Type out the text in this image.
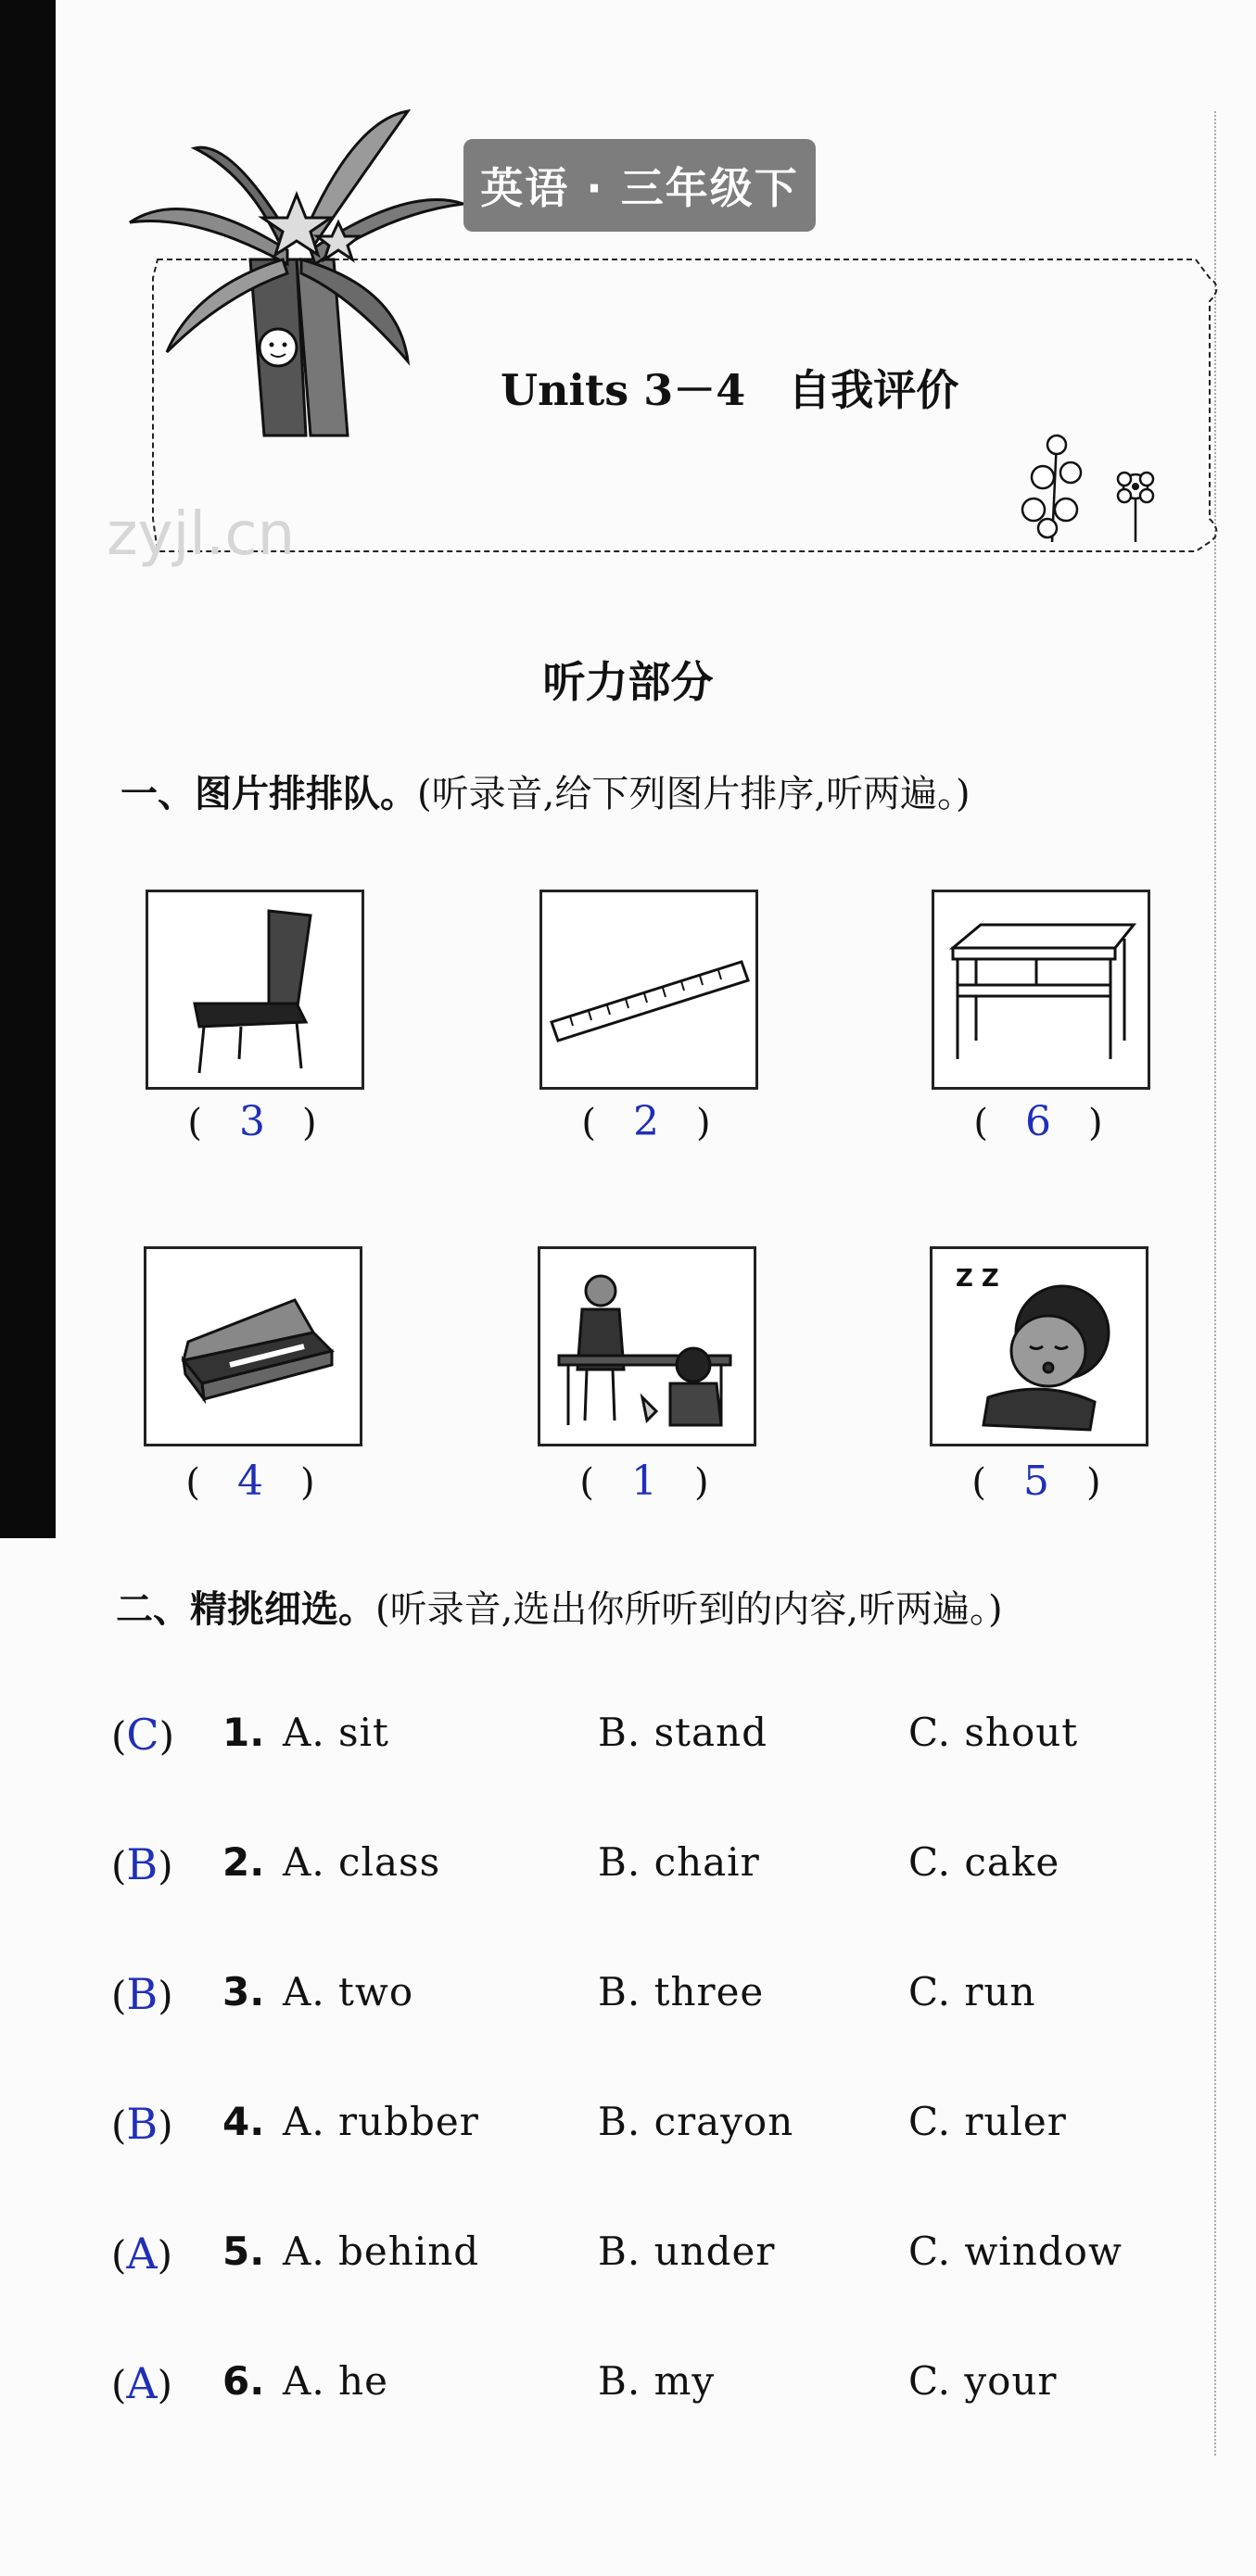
英语 · 三年级下
Units 3－4　自我评价
zyjl.cn
听力部分
一、图片排排队。(听录音,给下列图片排序,听两遍。)
(　3　)	(　2　)	(　6　)
Z Z
(　4　)	(　1　)	(　5　)
二、精挑细选。(听录音,选出你所听到的内容,听两遍。)
(C) 1. A. sit	B. stand	C. shout
(B) 2. A. class	B. chair	C. cake
(B) 3. A. two	B. three	C. run
(B) 4. A. rubber	B. crayon	C. ruler
(A) 5. A. behind	B. under	C. window
(A) 6. A. he	B. my	C. your
